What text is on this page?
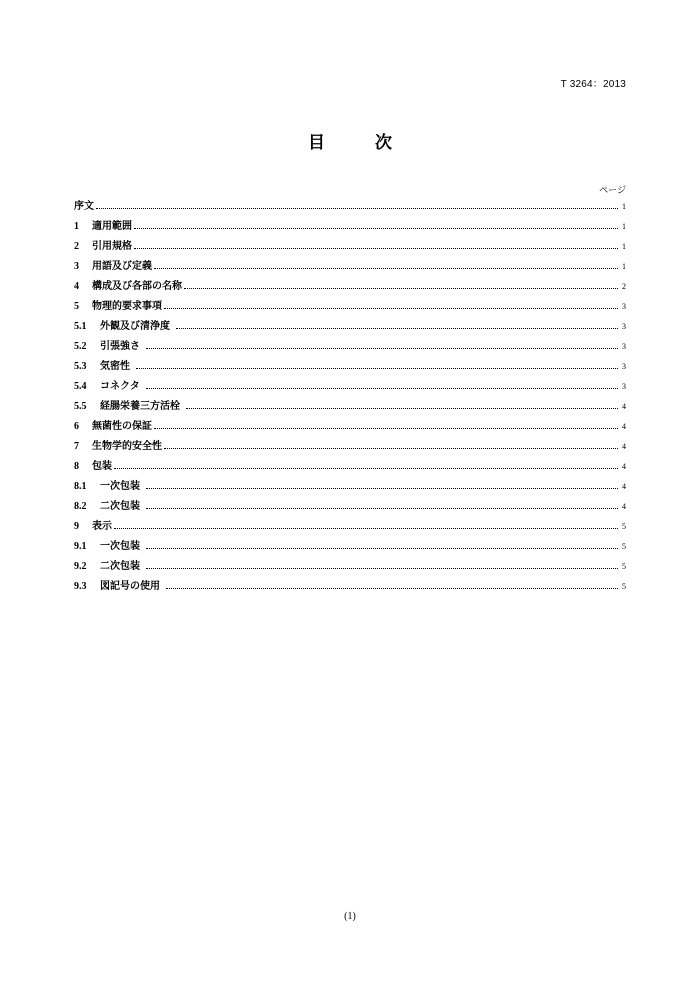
T 3264：2013
目 次
ページ
序文	1
1	適用範囲	1
2	引用規格	1
3	用語及び定義	1
4	構成及び各部の名称	2
5	物理的要求事項	3
5.1	外観及び清浄度	3
5.2	引張強さ	3
5.3	気密性	3
5.4	コネクタ	3
5.5	経腸栄養三方活栓	4
6	無菌性の保証	4
7	生物学的安全性	4
8	包装	4
8.1	一次包装	4
8.2	二次包装	4
9	表示	5
9.1	一次包装	5
9.2	二次包装	5
9.3	図記号の使用	5
(1)
